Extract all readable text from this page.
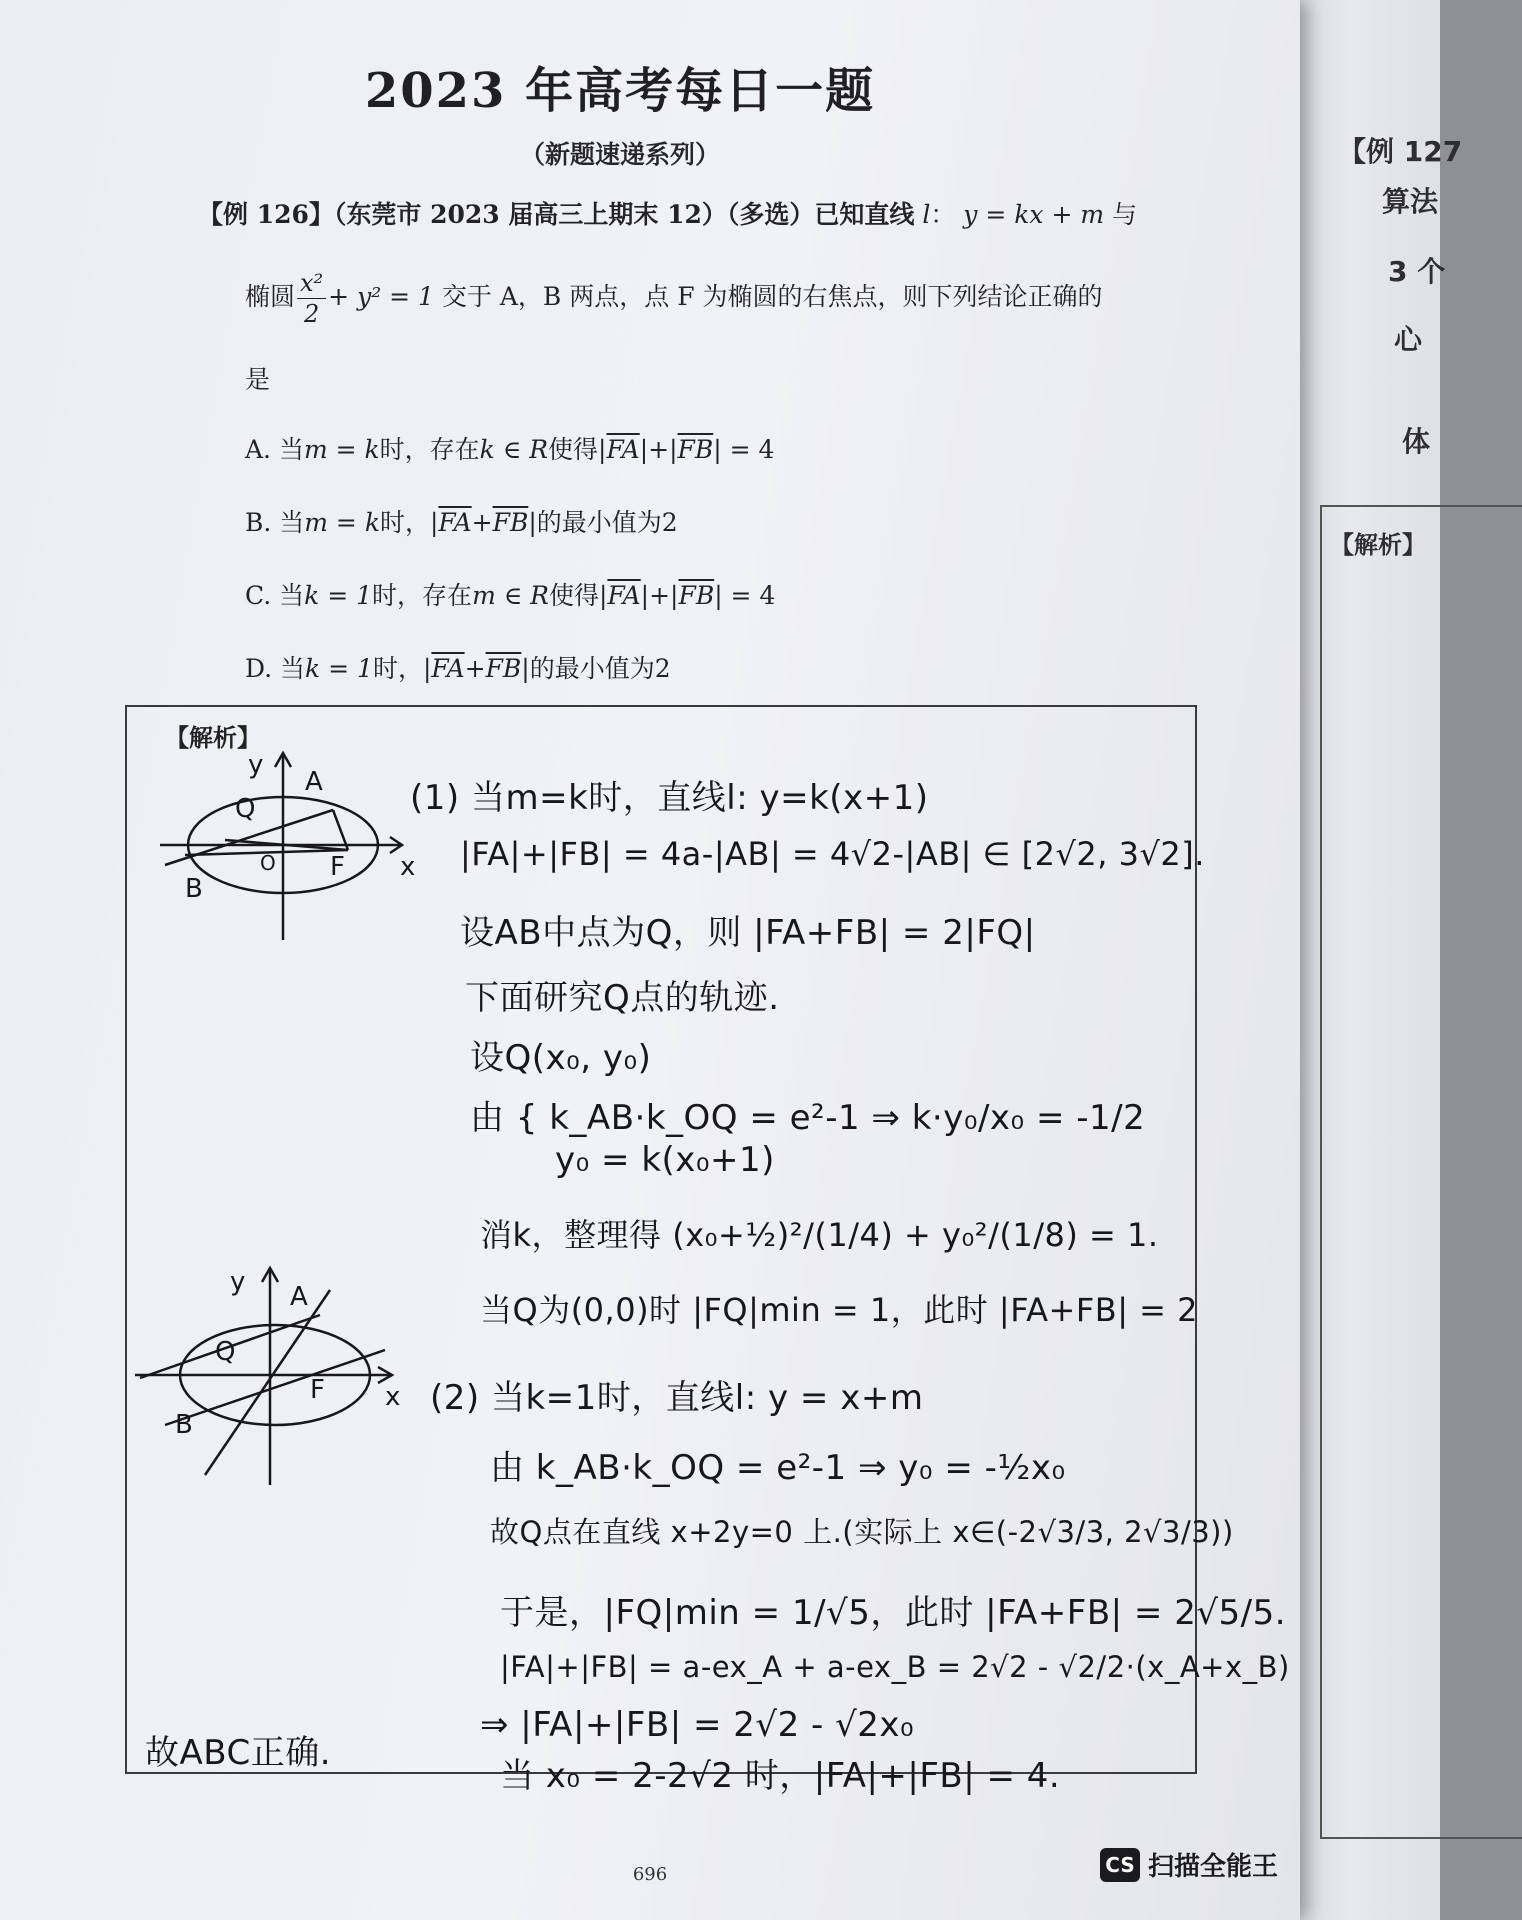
【例 127
算法
3 个
心
体
【解析】
2023 年高考每日一题
（新题速递系列）
【例 126】（东莞市 2023 届高三上期末 12）（多选）已知直线 l： y = kx + m 与
椭圆 $\frac{\text{x²}}{2} + y^2 = 1$ 交于 A，B 两点，点 F 为椭圆的右焦点，则下列结论正确的
是
A. 当m = k时，存在k ∈ R使得$|\overline{FA}|+|\overline{FB}| = 4$
B. 当m = k时，$|\overline{FA}+\overline{FB}|$的最小值为2
C. 当k = 1时，存在m ∈ R使得$|\overline{FA}|+|\overline{FB}| = 4$
D. 当k = 1时，$|\overline{FA}+\overline{FB}|$的最小值为2
【解析】
y
A
Q
O F x
B
y A
Q
F x
B
(1) 当m=k时，直线l: y=k(x+1)
|FA|+|FB| = 4a-|AB| = 4√2-|AB| ∈ [2√2, 3√2].
设AB中点为Q，则 |FA+FB| = 2|FQ|
下面研究Q点的轨迹.
设Q(x₀, y₀)
由 { k_AB·k_OQ = e²-1 ⇒ k·y₀/x₀ = -1/2
y₀ = k(x₀+1)
消k，整理得 (x₀+½)²/(1/4) + y₀²/(1/8) = 1.
当Q为(0,0)时 |FQ|min = 1，此时 |FA+FB| = 2
(2) 当k=1时，直线l: y = x+m
由 k_AB·k_OQ = e²-1 ⇒ y₀ = -½x₀
故Q点在直线 x+2y=0 上.(实际上 x∈(-2√3/3, 2√3/3))
于是，|FQ|min = 1/√5，此时 |FA+FB| = 2√5/5.
|FA|+|FB| = a-ex_A + a-ex_B = 2√2 - √2/2·(x_A+x_B)
⇒ |FA|+|FB| = 2√2 - √2x₀
当 x₀ = 2-2√2 时，|FA|+|FB| = 4.
故ABC正确.
696	CS 扫描全能王
